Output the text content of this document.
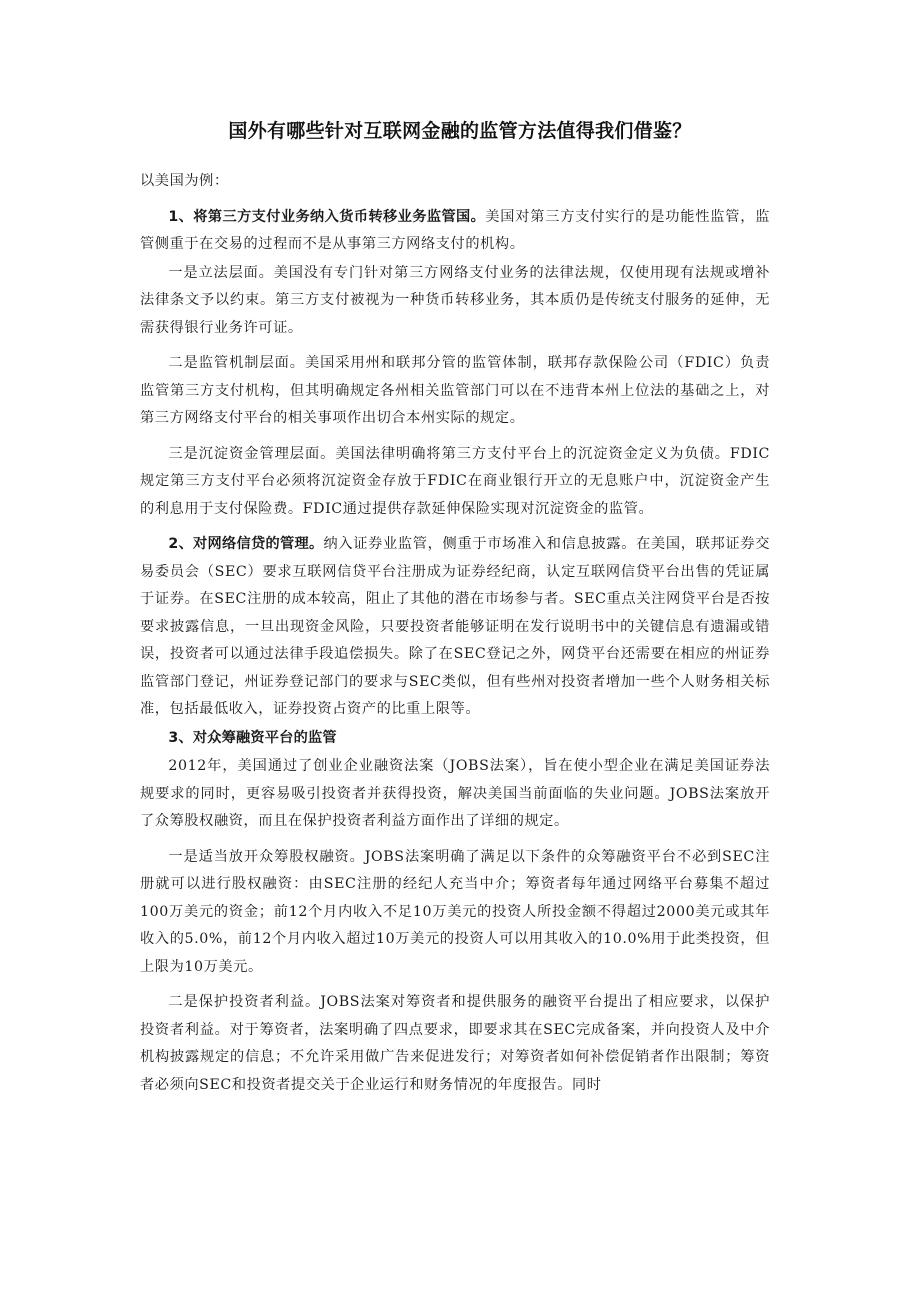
国外有哪些针对互联网金融的监管方法值得我们借鉴？

以美国为例：

1、将第三方支付业务纳入货币转移业务监管国。美国对第三方支付实行的是功能性监管，监管侧重于在交易的过程而不是从事第三方网络支付的机构。

一是立法层面。美国没有专门针对第三方网络支付业务的法律法规，仅使用现有法规或增补法律条文予以约束。第三方支付被视为一种货币转移业务，其本质仍是传统支付服务的延伸，无需获得银行业务许可证。

二是监管机制层面。美国采用州和联邦分管的监管体制，联邦存款保险公司（FDIC）负责监管第三方支付机构，但其明确规定各州相关监管部门可以在不违背本州上位法的基础之上，对第三方网络支付平台的相关事项作出切合本州实际的规定。

三是沉淀资金管理层面。美国法律明确将第三方支付平台上的沉淀资金定义为负债。FDIC规定第三方支付平台必须将沉淀资金存放于FDIC在商业银行开立的无息账户中，沉淀资金产生的利息用于支付保险费。FDIC通过提供存款延伸保险实现对沉淀资金的监管。

2、对网络信贷的管理。纳入证券业监管，侧重于市场准入和信息披露。在美国，联邦证券交易委员会（SEC）要求互联网信贷平台注册成为证券经纪商，认定互联网信贷平台出售的凭证属于证券。在SEC注册的成本较高，阻止了其他的潜在市场参与者。SEC重点关注网贷平台是否按要求披露信息，一旦出现资金风险，只要投资者能够证明在发行说明书中的关键信息有遗漏或错误，投资者可以通过法律手段追偿损失。除了在SEC登记之外，网贷平台还需要在相应的州证券监管部门登记，州证券登记部门的要求与SEC类似，但有些州对投资者增加一些个人财务相关标准，包括最低收入，证券投资占资产的比重上限等。

3、对众筹融资平台的监管

2012年，美国通过了创业企业融资法案（JOBS法案），旨在使小型企业在满足美国证券法规要求的同时，更容易吸引投资者并获得投资，解决美国当前面临的失业问题。JOBS法案放开了众筹股权融资，而且在保护投资者利益方面作出了详细的规定。

一是适当放开众筹股权融资。JOBS法案明确了满足以下条件的众筹融资平台不必到SEC注册就可以进行股权融资：由SEC注册的经纪人充当中介；筹资者每年通过网络平台募集不超过100万美元的资金；前12个月内收入不足10万美元的投资人所投金额不得超过2000美元或其年收入的5.0%，前12个月内收入超过10万美元的投资人可以用其收入的10.0%用于此类投资，但上限为10万美元。

二是保护投资者利益。JOBS法案对筹资者和提供服务的融资平台提出了相应要求，以保护投资者利益。对于筹资者，法案明确了四点要求，即要求其在SEC完成备案，并向投资人及中介机构披露规定的信息；不允许采用做广告来促进发行；对筹资者如何补偿促销者作出限制；筹资者必须向SEC和投资者提交关于企业运行和财务情况的年度报告。同时
